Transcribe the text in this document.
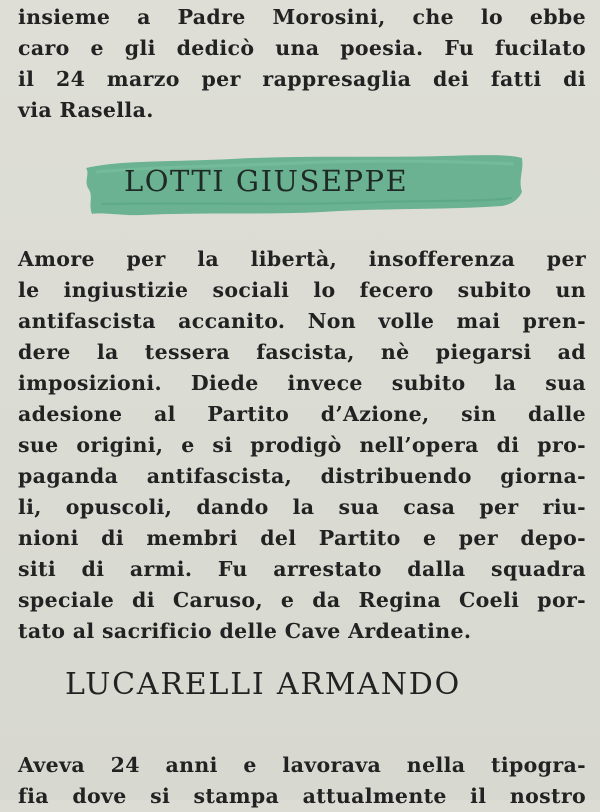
insieme a Padre Morosini, che lo ebbe
caro e gli dedicò una poesia. Fu fucilato
il 24 marzo per rappresaglia dei fatti di
via Rasella.
LOTTI GIUSEPPE
Amore per la libertà, insofferenza per
le ingiustizie sociali lo fecero subito un
antifascista accanito. Non volle mai pren-
dere la tessera fascista, nè piegarsi ad
imposizioni. Diede invece subito la sua
adesione al Partito d’Azione, sin dalle
sue origini, e si prodigò nell’opera di pro-
paganda antifascista, distribuendo giorna-
li, opuscoli, dando la sua casa per riu-
nioni di membri del Partito e per depo-
siti di armi. Fu arrestato dalla squadra
speciale di Caruso, e da Regina Coeli por-
tato al sacrificio delle Cave Ardeatine.
LUCARELLI ARMANDO
Aveva 24 anni e lavorava nella tipogra-
fia dove si stampa attualmente il nostro
